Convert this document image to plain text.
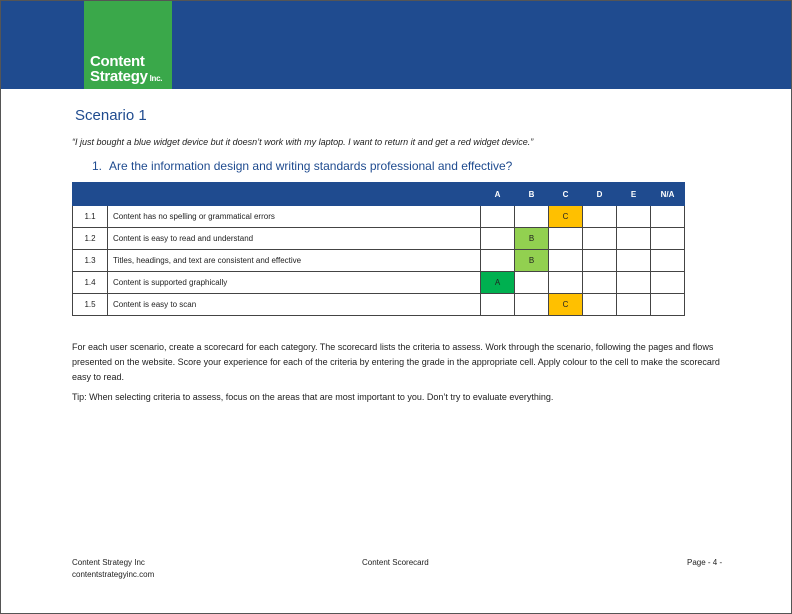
Content
Strategy Inc.
Scenario 1
“I just bought a blue widget device but it doesn’t work with my laptop. I want to return it and get a red widget device.”
1. Are the information design and writing standards professional and effective?
		A	B	C	D	E	N/A
1.1	Content has no spelling or grammatical errors			C			
1.2	Content is easy to read and understand		B				
1.3	Titles, headings, and text are consistent and effective		B				
1.4	Content is supported graphically	A					
1.5	Content is easy to scan			C			
For each user scenario, create a scorecard for each category. The scorecard lists the criteria to assess. Work through the scenario, following the pages and flows presented on the website. Score your experience for each of the criteria by entering the grade in the appropriate cell. Apply colour to the cell to make the scorecard easy to read.
Tip: When selecting criteria to assess, focus on the areas that are most important to you. Don’t try to evaluate everything.
Content Strategy Inc
contentstrategyinc.com
Content Scorecard	Page - 4 -
